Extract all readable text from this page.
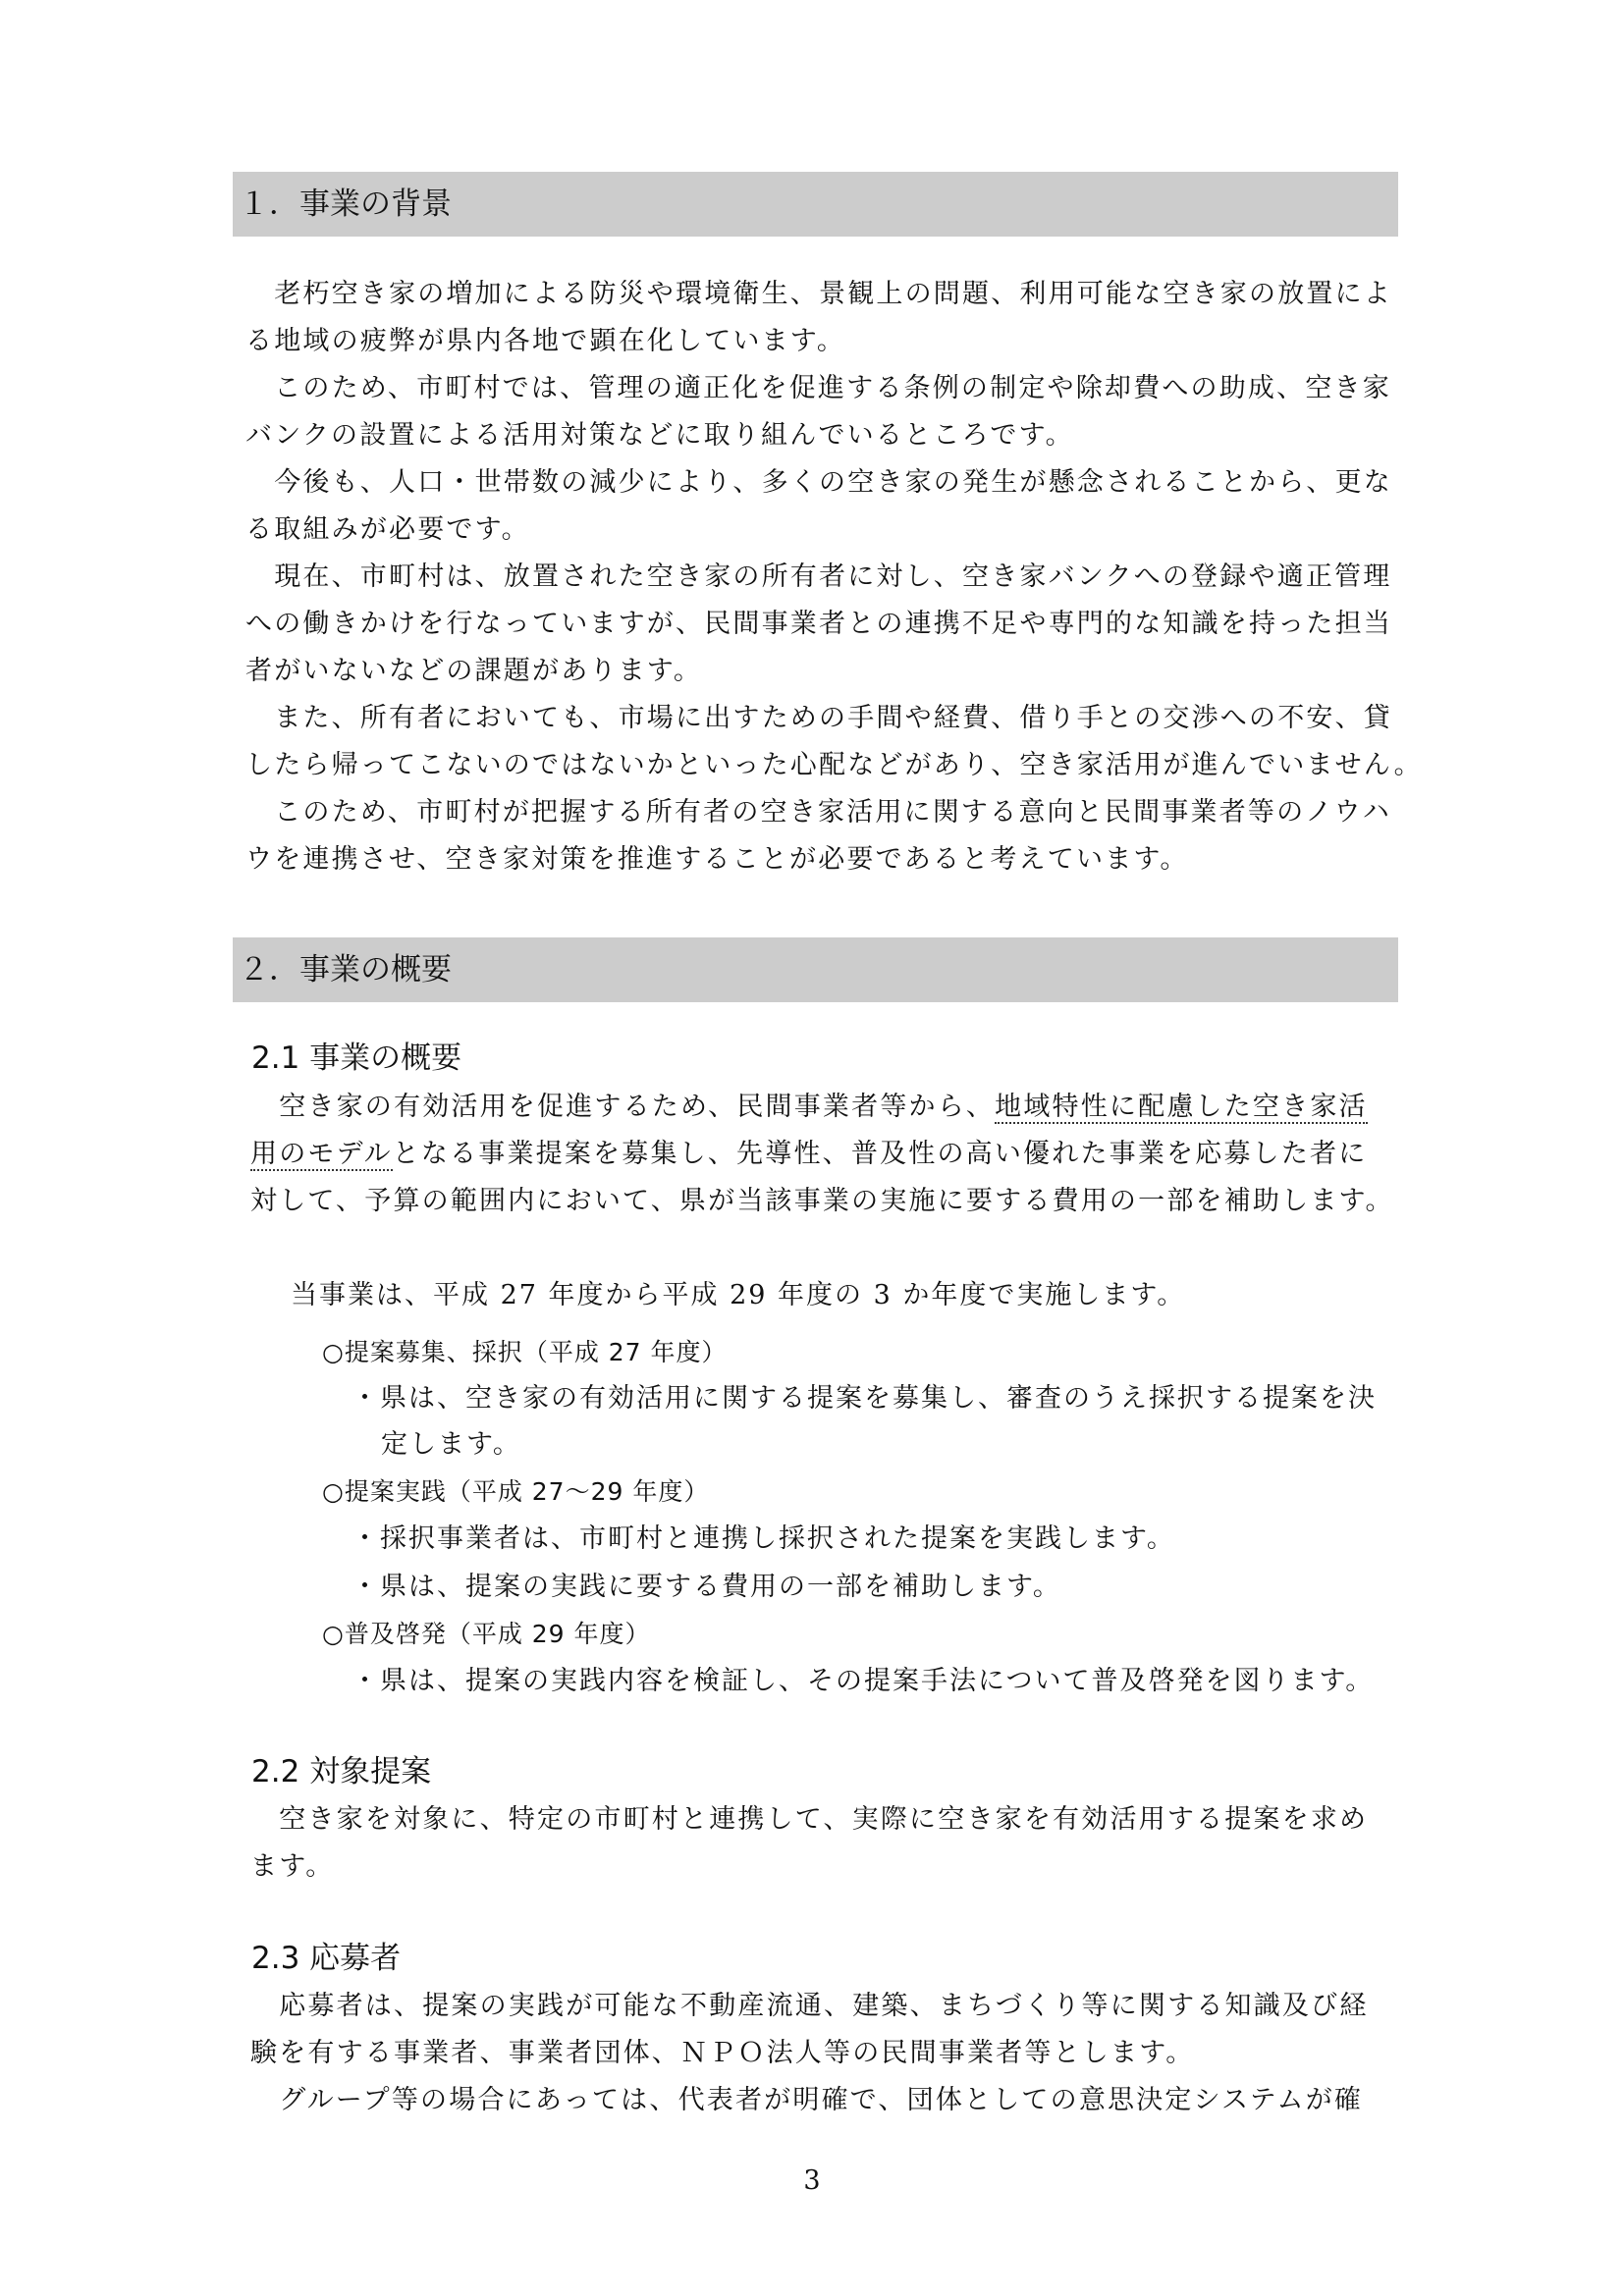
１．事業の背景
　老朽空き家の増加による防災や環境衛生、景観上の問題、利用可能な空き家の放置によ
る地域の疲弊が県内各地で顕在化しています。
　このため、市町村では、管理の適正化を促進する条例の制定や除却費への助成、空き家
バンクの設置による活用対策などに取り組んでいるところです。
　今後も、人口・世帯数の減少により、多くの空き家の発生が懸念されることから、更な
る取組みが必要です。
　現在、市町村は、放置された空き家の所有者に対し、空き家バンクへの登録や適正管理
への働きかけを行なっていますが、民間事業者との連携不足や専門的な知識を持った担当
者がいないなどの課題があります。
　また、所有者においても、市場に出すための手間や経費、借り手との交渉への不安、貸
したら帰ってこないのではないかといった心配などがあり、空き家活用が進んでいません。
　このため、市町村が把握する所有者の空き家活用に関する意向と民間事業者等のノウハ
ウを連携させ、空き家対策を推進することが必要であると考えています。
２．事業の概要
2.1 事業の概要
　空き家の有効活用を促進するため、民間事業者等から、地域特性に配慮した空き家活
用のモデルとなる事業提案を募集し、先導性、普及性の高い優れた事業を応募した者に
対して、予算の範囲内において、県が当該事業の実施に要する費用の一部を補助します。
当事業は、平成 27 年度から平成 29 年度の 3 か年度で実施します。
○提案募集、採択（平成 27 年度）
・県は、空き家の有効活用に関する提案を募集し、審査のうえ採択する提案を決
定します。
○提案実践（平成 27～29 年度）
・採択事業者は、市町村と連携し採択された提案を実践します。
・県は、提案の実践に要する費用の一部を補助します。
○普及啓発（平成 29 年度）
・県は、提案の実践内容を検証し、その提案手法について普及啓発を図ります。
2.2 対象提案
　空き家を対象に、特定の市町村と連携して、実際に空き家を有効活用する提案を求め
ます。
2.3 応募者
　応募者は、提案の実践が可能な不動産流通、建築、まちづくり等に関する知識及び経
験を有する事業者、事業者団体、ＮＰＯ法人等の民間事業者等とします。
　グループ等の場合にあっては、代表者が明確で、団体としての意思決定システムが確
3
